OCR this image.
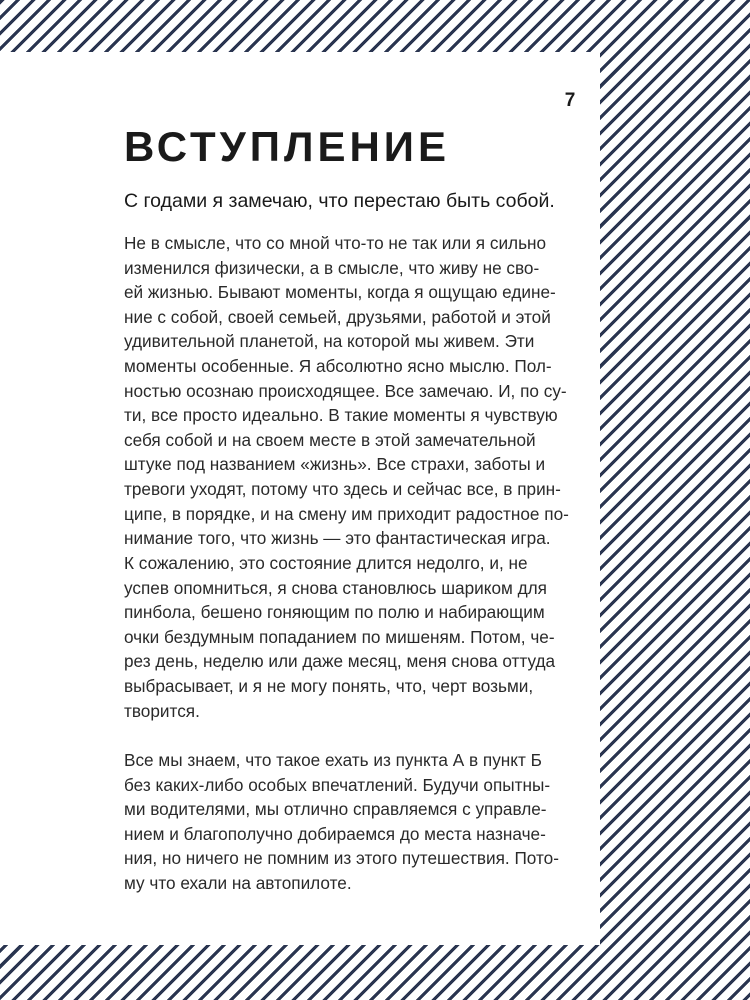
7
ВСТУПЛЕНИЕ

С годами я замечаю, что перестаю быть собой.

Не в смысле, что со мной что-то не так или я сильно
изменился физически, а в смысле, что живу не сво-
ей жизнью. Бывают моменты, когда я ощущаю едине-
ние с собой, своей семьей, друзьями, работой и этой
удивительной планетой, на которой мы живем. Эти
моменты особенные. Я абсолютно ясно мыслю. Пол-
ностью осознаю происходящее. Все замечаю. И, по су-
ти, все просто идеально. В такие моменты я чувствую
себя собой и на своем месте в этой замечательной
штуке под названием «жизнь». Все страхи, заботы и
тревоги уходят, потому что здесь и сейчас все, в прин-
ципе, в порядке, и на смену им приходит радостное по-
нимание того, что жизнь — это фантастическая игра.
К сожалению, это состояние длится недолго, и, не
успев опомниться, я снова становлюсь шариком для
пинбола, бешено гоняющим по полю и набирающим
очки бездумным попаданием по мишеням. Потом, че-
рез день, неделю или даже месяц, меня снова оттуда
выбрасывает, и я не могу понять, что, черт возьми,
творится.
Все мы знаем, что такое ехать из пункта А в пункт Б
без каких-либо особых впечатлений. Будучи опытны-
ми водителями, мы отлично справляемся с управле-
нием и благополучно добираемся до места назначе-
ния, но ничего не помним из этого путешествия. Пото-
му что ехали на автопилоте.
